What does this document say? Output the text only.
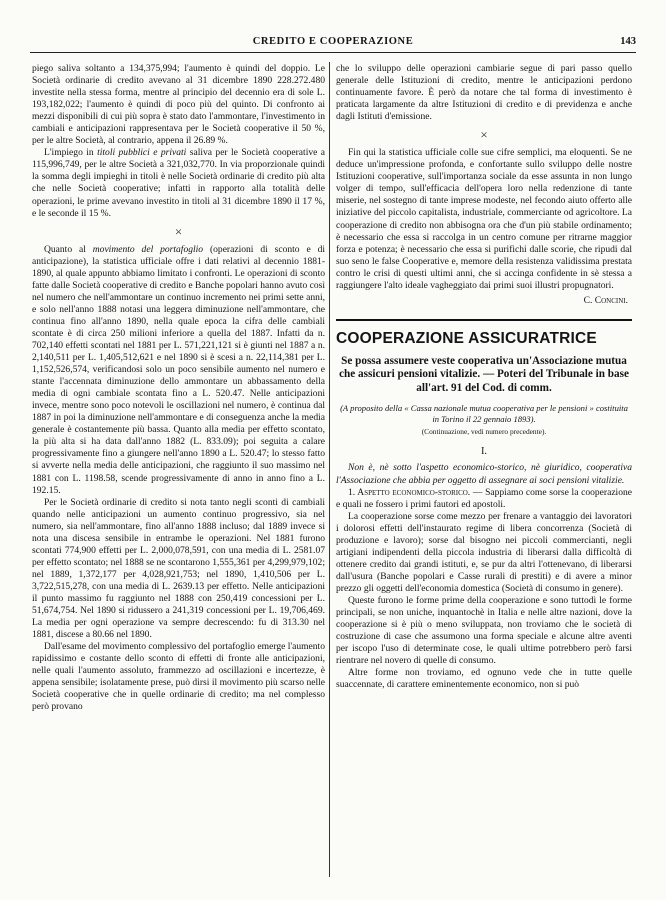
CREDITO E COOPERAZIONE	143

piego saliva soltanto a 134,375,994; l'aumento è quindi del doppio. Le Società ordinarie di credito avevano al 31 dicembre 1890 228.272.480 investite nella stessa forma, mentre al principio del decennio era di sole L. 193,182,022; l'aumento è quindi di poco più del quinto. Di confronto ai mezzi disponibili di cui più sopra è stato dato l'ammontare, l'investimento in cambiali e anticipazioni rappresentava per le Società cooperative il 50 %, per le altre Società, al contrario, appena il 26.89 %.

L'impiego in titoli pubblici e privati saliva per le Società cooperative a 115,996,749, per le altre Società a 321,032,770. In via proporzionale quindi la somma degli impieghi in titoli è nelle Società ordinarie di credito più alta che nelle Società cooperative; infatti in rapporto alla totalità delle operazioni, le prime avevano investito in titoli al 31 dicembre 1890 il 17 %, e le seconde il 15 %.

×

Quanto al movimento del portafoglio (operazioni di sconto e di anticipazione), la statistica ufficiale offre i dati relativi al decennio 1881-1890, al quale appunto abbiamo limitato i confronti. Le operazioni di sconto fatte dalle Società cooperative di credito e Banche popolari hanno avuto così nel numero che nell'ammontare un continuo incremento nei primi sette anni, e solo nell'anno 1888 notasi una leggera diminuzione nell'ammontare, che continua fino all'anno 1890, nella quale epoca la cifra delle cambiali scontate è di circa 250 milioni inferiore a quella del 1887. Infatti da n. 702,140 effetti scontati nel 1881 per L. 571,221,121 si è giunti nel 1887 a n. 2,140,511 per L. 1,405,512,621 e nel 1890 si è scesi a n. 22,114,381 per L. 1,152,526,574, verificandosi solo un poco sensibile aumento nel numero e stante l'accennata diminuzione dello ammontare un abbassamento della media di ogni cambiale scontata fino a L. 520.47. Nelle anticipazioni invece, mentre sono poco notevoli le oscillazioni nel numero, è continua dal 1887 in poi la diminuzione nell'ammontare e di conseguenza anche la media generale è costantemente più bassa. Quanto alla media per effetto scontato, la più alta si ha data dall'anno 1882 (L. 833.09); poi seguita a calare progressivamente fino a giungere nell'anno 1890 a L. 520.47; lo stesso fatto si avverte nella media delle anticipazioni, che raggiunto il suo massimo nel 1881 con L. 1198.58, scende progressivamente di anno in anno fino a L. 192.15.

Per le Società ordinarie di credito si nota tanto negli sconti di cambiali quando nelle anticipazioni un aumento continuo progressivo, sia nel numero, sia nell'ammontare, fino all'anno 1888 incluso; dal 1889 invece si nota una discesa sensibile in entrambe le operazioni. Nel 1881 furono scontati 774,900 effetti per L. 2,000,078,591, con una media di L. 2581.07 per effetto scontato; nel 1888 se ne scontarono 1,555,361 per 4,299,979,102; nel 1889, 1,372,177 per 4,028,921,753; nel 1890, 1,410,506 per L. 3,722,515,278, con una media di L. 2639.13 per effetto. Nelle anticipazioni il punto massimo fu raggiunto nel 1888 con 250,419 concessioni per L. 51,674,754. Nel 1890 si ridussero a 241,319 concessioni per L. 19,706,469. La media per ogni operazione va sempre decrescendo: fu di 313.30 nel 1881, discese a 80.66 nel 1890.

Dall'esame del movimento complessivo del portafoglio emerge l'aumento rapidissimo e costante dello sconto di effetti di fronte alle anticipazioni, nelle quali l'aumento assoluto, frammezzo ad oscillazioni e incertezze, è appena sensibile; isolatamente prese, può dirsi il movimento più scarso nelle Società cooperative che in quelle ordinarie di credito; ma nel complesso però provano

che lo sviluppo delle operazioni cambiarie segue di pari passo quello generale delle Istituzioni di credito, mentre le anticipazioni perdono continuamente favore. È però da notare che tal forma di investimento è praticata largamente da altre Istituzioni di credito e di previdenza e anche dagli Istituti d'emissione.

×

Fin qui la statistica ufficiale colle sue cifre semplici, ma eloquenti. Se ne deduce un'impressione profonda, e confortante sullo sviluppo delle nostre Istituzioni cooperative, sull'importanza sociale da esse assunta in non lungo volger di tempo, sull'efficacia dell'opera loro nella redenzione di tante miserie, nel sostegno di tante imprese modeste, nel fecondo aiuto offerto alle iniziative del piccolo capitalista, industriale, commerciante od agricoltore. La cooperazione di credito non abbisogna ora che d'un più stabile ordinamento; è necessario che essa si raccolga in un centro comune per ritrarne maggior forza e potenza; è necessario che essa si purifichi dalle scorie, che ripudi dal suo seno le false Cooperative e, memore della resistenza validissima prestata contro le crisi di questi ultimi anni, che si accinga confidente in sè stessa a raggiungere l'alto ideale vagheggiato dai primi suoi illustri propugnatori.

C. Concini.
COOPERAZIONE ASSICURATRICE
Se possa assumere veste cooperativa un'Associazione mutua che assicuri pensioni vitalizie. — Poteri del Tribunale in base all'art. 91 del Cod. di comm.
(A proposito della « Cassa nazionale mutua cooperativa per le pensioni » costituita in Torino il 22 gennaio 1893).
(Continuazione, vedi numero precedente).
I.

Non è, nè sotto l'aspetto economico-storico, nè giuridico, cooperativa l'Associazione che abbia per oggetto di assegnare ai soci pensioni vitalizie.

1. Aspetto economico-storico. — Sappiamo come sorse la cooperazione e quali ne fossero i primi fautori ed apostoli.

La cooperazione sorse come mezzo per frenare a vantaggio dei lavoratori i dolorosi effetti dell'instaurato regime di libera concorrenza (Società di produzione e lavoro); sorse dal bisogno nei piccoli commercianti, negli artigiani indipendenti della piccola industria di liberarsi dalla difficoltà di ottenere credito dai grandi istituti, e, se pur da altri l'ottenevano, di liberarsi dall'usura (Banche popolari e Casse rurali di prestiti) e di avere a minor prezzo gli oggetti dell'economia domestica (Società di consumo in genere).

Queste furono le forme prime della cooperazione e sono tuttodì le forme principali, se non uniche, inquantochè in Italia e nelle altre nazioni, dove la cooperazione si è più o meno sviluppata, non troviamo che le società di costruzione di case che assumono una forma speciale e alcune altre aventi per iscopo l'uso di determinate cose, le quali ultime potrebbero però farsi rientrare nel novero di quelle di consumo.

Altre forme non troviamo, ed ognuno vede che in tutte quelle suaccennate, di carattere eminentemente economico, non si può
